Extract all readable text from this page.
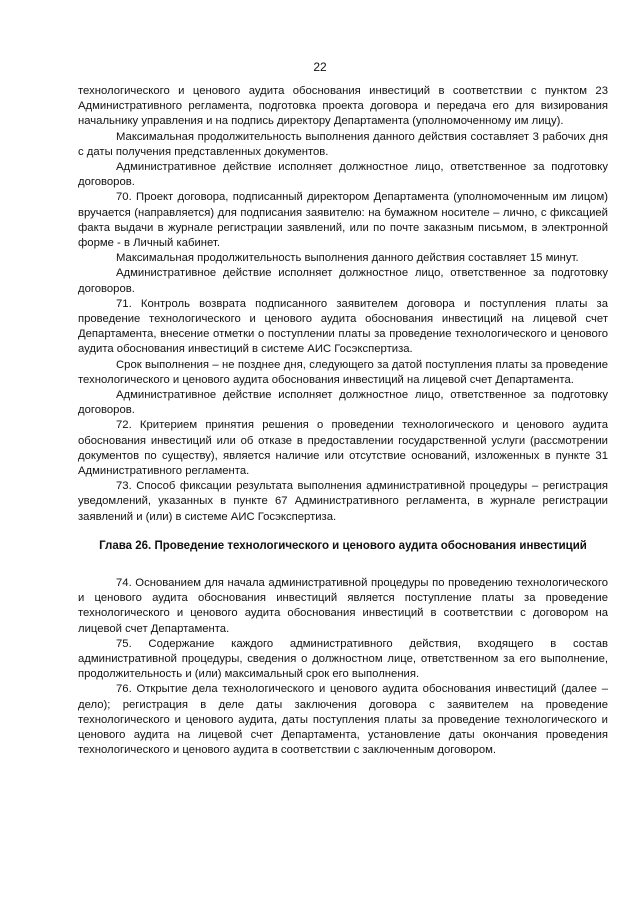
22

технологического и ценового аудита обоснования инвестиций в соответствии с пунктом 23 Административного регламента, подготовка проекта договора и передача его для визирования начальнику управления и на подпись директору Департамента (уполномоченному им лицу).

Максимальная продолжительность выполнения данного действия составляет 3 рабочих дня с даты получения представленных документов.

Административное действие исполняет должностное лицо, ответственное за подготовку договоров.

70. Проект договора, подписанный директором Департамента (уполномоченным им лицом) вручается (направляется) для подписания заявителю: на бумажном носителе – лично, с фиксацией факта выдачи в журнале регистрации заявлений, или по почте заказным письмом, в электронной форме - в Личный кабинет.

Максимальная продолжительность выполнения данного действия составляет 15 минут.

Административное действие исполняет должностное лицо, ответственное за подготовку договоров.

71. Контроль возврата подписанного заявителем договора и поступления платы за проведение технологического и ценового аудита обоснования инвестиций на лицевой счет Департамента, внесение отметки о поступлении платы за проведение технологического и ценового аудита обоснования инвестиций в системе АИС Госэкспертиза.

Срок выполнения – не позднее дня, следующего за датой поступления платы за проведение технологического и ценового аудита обоснования инвестиций на лицевой счет Департамента.

Административное действие исполняет должностное лицо, ответственное за подготовку договоров.

72. Критерием принятия решения о проведении технологического и ценового аудита обоснования инвестиций или об отказе в предоставлении государственной услуги (рассмотрении документов по существу), является наличие или отсутствие оснований, изложенных в пункте 31 Административного регламента.

73. Способ фиксации результата выполнения административной процедуры – регистрация уведомлений, указанных в пункте 67 Административного регламента, в журнале регистрации заявлений и (или) в системе АИС Госэкспертиза.

Глава 26. Проведение технологического и ценового аудита обоснования инвестиций

74. Основанием для начала административной процедуры по проведению технологического и ценового аудита обоснования инвестиций является поступление платы за проведение технологического и ценового аудита обоснования инвестиций в соответствии с договором на лицевой счет Департамента.

75. Содержание каждого административного действия, входящего в состав административной процедуры, сведения о должностном лице, ответственном за его выполнение, продолжительность и (или) максимальный срок его выполнения.

76. Открытие дела технологического и ценового аудита обоснования инвестиций (далее – дело); регистрация в деле даты заключения договора с заявителем на проведение технологического и ценового аудита, даты поступления платы за проведение технологического и ценового аудита на лицевой счет Департамента, установление даты окончания проведения технологического и ценового аудита в соответствии с заключенным договором.
